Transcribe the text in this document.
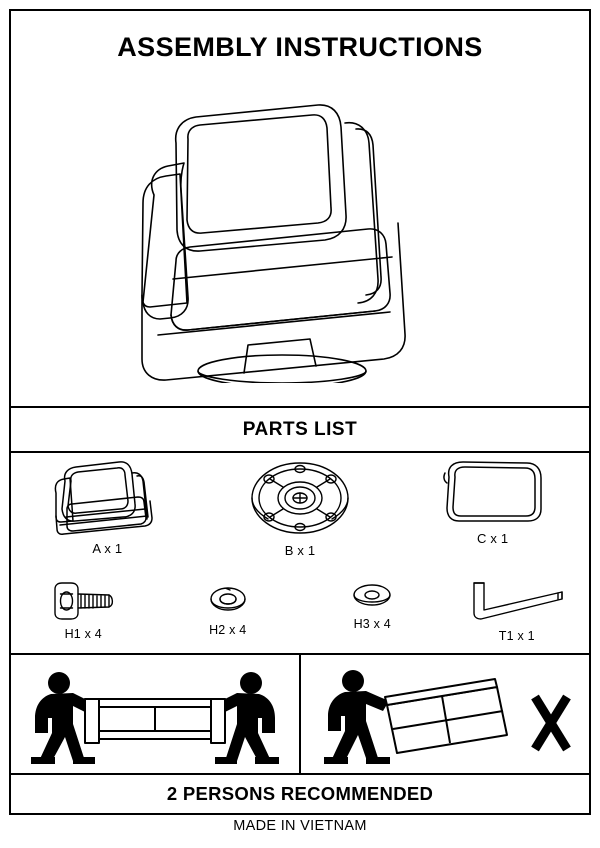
ASSEMBLY INSTRUCTIONS
PARTS LIST
A x 1	B x 1
C x 1
H1 x 4	H2 x 4	H3 x 4
T1 x 1
2 PERSONS RECOMMENDED
MADE IN VIETNAM
